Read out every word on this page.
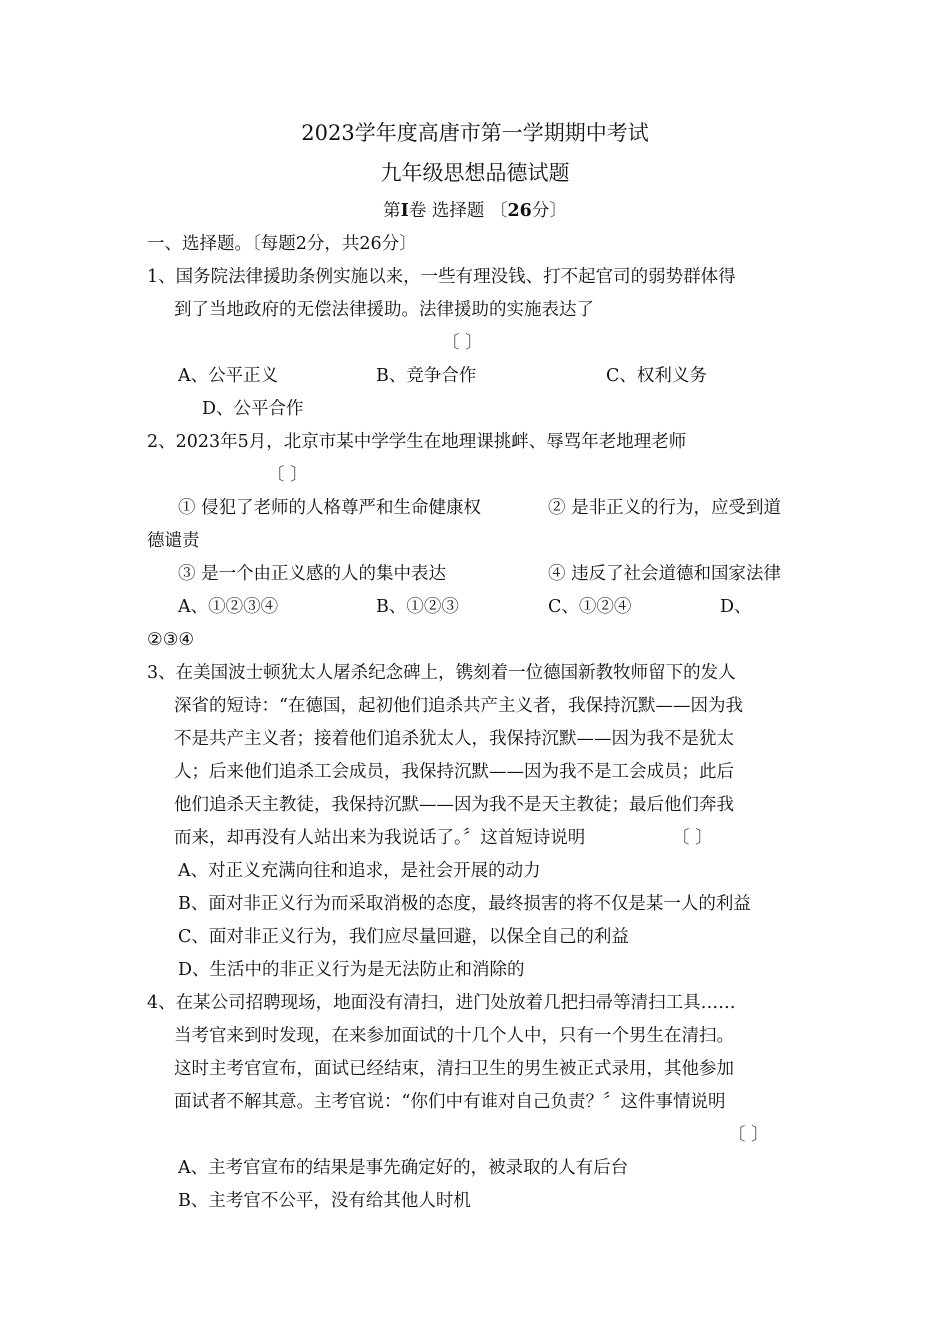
2023学年度高唐市第一学期期中考试
九年级思想品德试题
第I卷 选择题 〔26分〕
一、选择题。〔每题2分，共26分〕
1、国务院法律援助条例实施以来，一些有理没钱、打不起官司的弱势群体得
到了当地政府的无偿法律援助。法律援助的实施表达了
〔 〕
A、公平正义	B、竞争合作	C、权利义务
D、公平合作
2、2023年5月，北京市某中学学生在地理课挑衅、辱骂年老地理老师
〔 〕
① 侵犯了老师的人格尊严和生命健康权	② 是非正义的行为，应受到道
德谴责
③ 是一个由正义感的人的集中表达	④ 违反了社会道德和国家法律
A、①②③④	B、①②③	C、①②④	D、
②③④
3、在美国波士顿犹太人屠杀纪念碑上，镌刻着一位德国新教牧师留下的发人
深省的短诗：“在德国，起初他们追杀共产主义者，我保持沉默——因为我
不是共产主义者；接着他们追杀犹太人，我保持沉默——因为我不是犹太
人；后来他们追杀工会成员，我保持沉默——因为我不是工会成员；此后
他们追杀天主教徒，我保持沉默——因为我不是天主教徒；最后他们奔我
而来，却再没有人站出来为我说话了。〞这首短诗说明	〔 〕
A、对正义充满向往和追求，是社会开展的动力
B、面对非正义行为而采取消极的态度，最终损害的将不仅是某一人的利益
C、面对非正义行为，我们应尽量回避，以保全自己的利益
D、生活中的非正义行为是无法防止和消除的
4、在某公司招聘现场，地面没有清扫，进门处放着几把扫帚等清扫工具……
当考官来到时发现，在来参加面试的十几个人中，只有一个男生在清扫。
这时主考官宣布，面试已经结束，清扫卫生的男生被正式录用，其他参加
面试者不解其意。主考官说：“你们中有谁对自己负责？〞这件事情说明
〔 〕
A、主考官宣布的结果是事先确定好的，被录取的人有后台
B、主考官不公平，没有给其他人时机
